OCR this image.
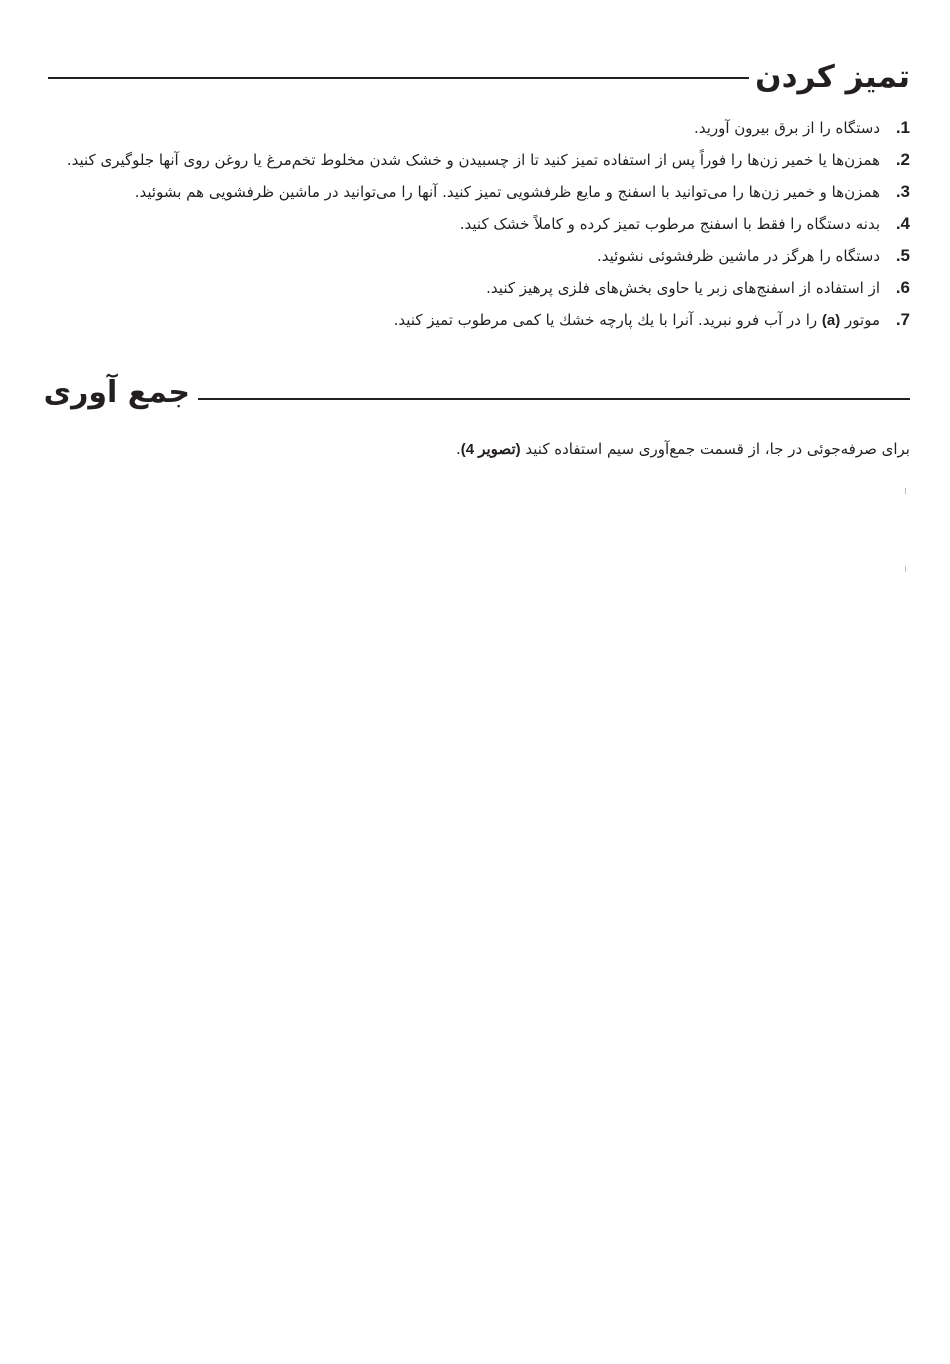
تمیز کردن
.1
دستگاه را از برق بیرون آورید.
.2
همزن‌ها یا خمیر زن‌ها را فوراً پس از استفاده تمیز کنید تا از چسبیدن و خشک شدن مخلوط تخم‌مرغ یا روغن روی آنها جلوگیری کنید.
.3
همزن‌ها و خمیر زن‌ها را می‌توانید با اسفنج و مایع ظرفشویی تمیز کنید. آنها را می‌توانید در ماشین ظرفشویی هم بشوئید.
.4
بدنه دستگاه را فقط با اسفنج مرطوب تمیز کرده و کاملاً خشک کنید.
.5
دستگاه را هرگز در ماشین ظرفشوئی نشوئید.
.6
از استفاده از اسفنج‌های زبر یا حاوی بخش‌های فلزی پرهیز کنید.
.7
موتور (a) را در آب فرو نبرید. آنرا با یك پارچه خشك یا كمی مرطوب تمیز كنید.
جمع آوری

برای صرفه‌جوئی در جا، از قسمت جمع‌آوری سیم استفاده کنید (تصویر 4).
